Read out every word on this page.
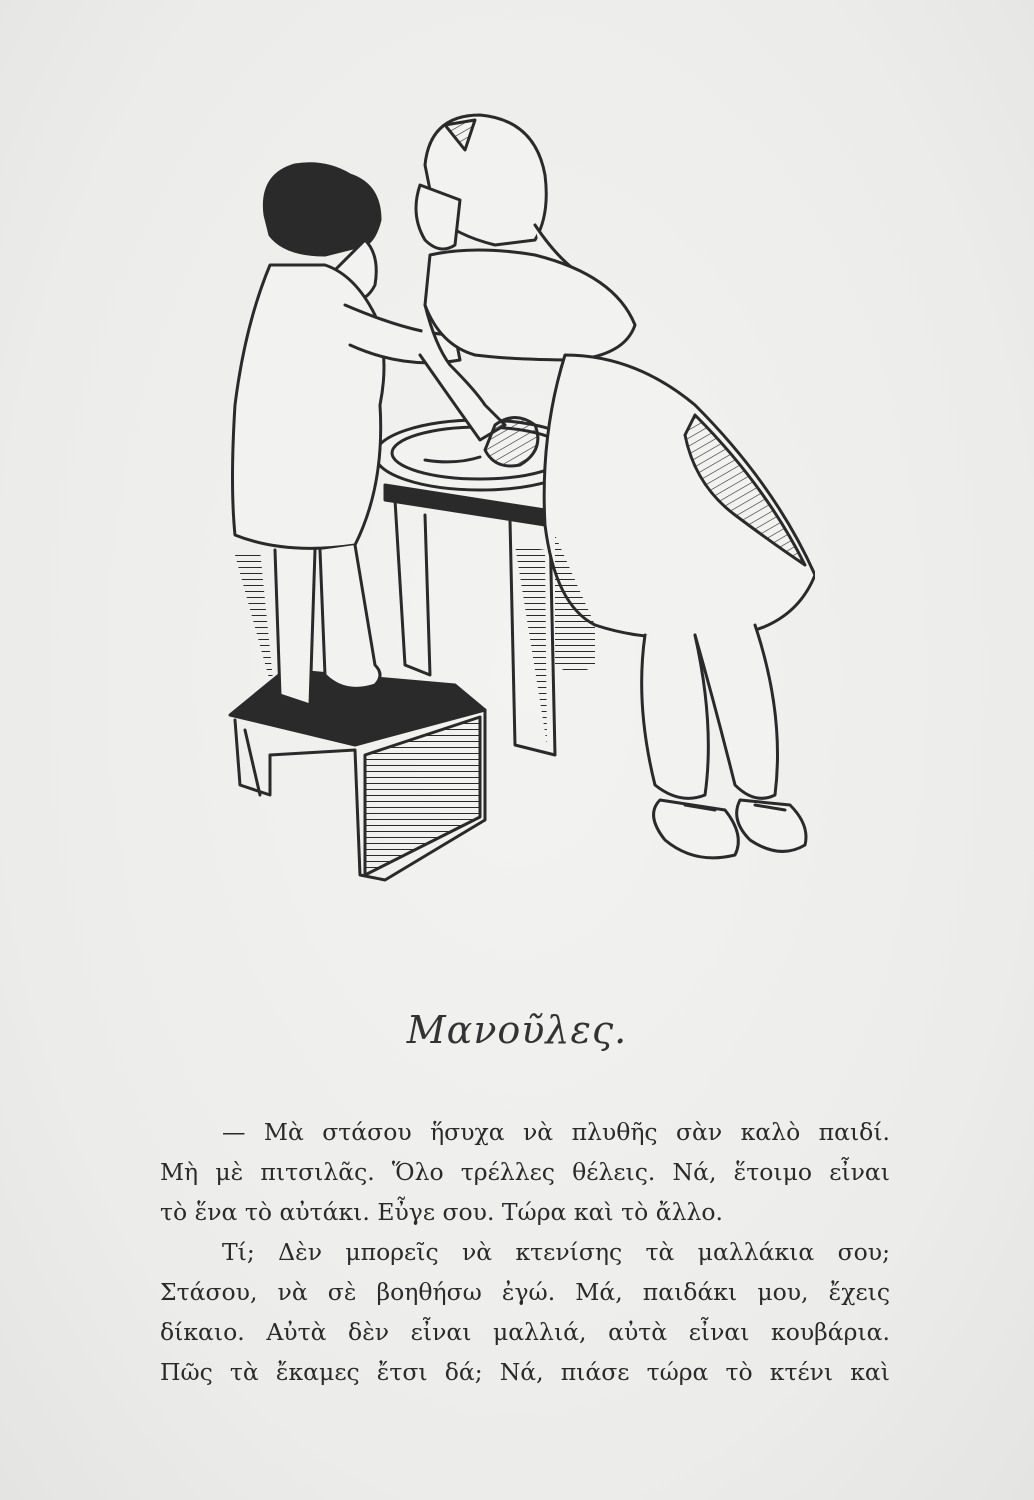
Μανοῦλες.
— Μὰ στάσου ἥσυχα νὰ πλυθῆς σὰν καλὸ παιδί.
Μὴ μὲ πιτσιλᾶς. Ὅλο τρέλλες θέλεις. Νά, ἕτοιμο εἶναι
τὸ ἕνα τὸ αὐτάκι. Εὖγε σου. Τώρα καὶ τὸ ἄλλο.
Τί; Δὲν μπορεῖς νὰ κτενίσης τὰ μαλλάκια σου;
Στάσου, νὰ σὲ βοηθήσω ἐγώ. Μά, παιδάκι μου, ἔχεις
δίκαιο. Αὐτὰ δὲν εἶναι μαλλιά, αὐτὰ εἶναι κουβάρια.
Πῶς τὰ ἔκαμες ἔτσι δά; Νά, πιάσε τώρα τὸ κτένι καὶ
